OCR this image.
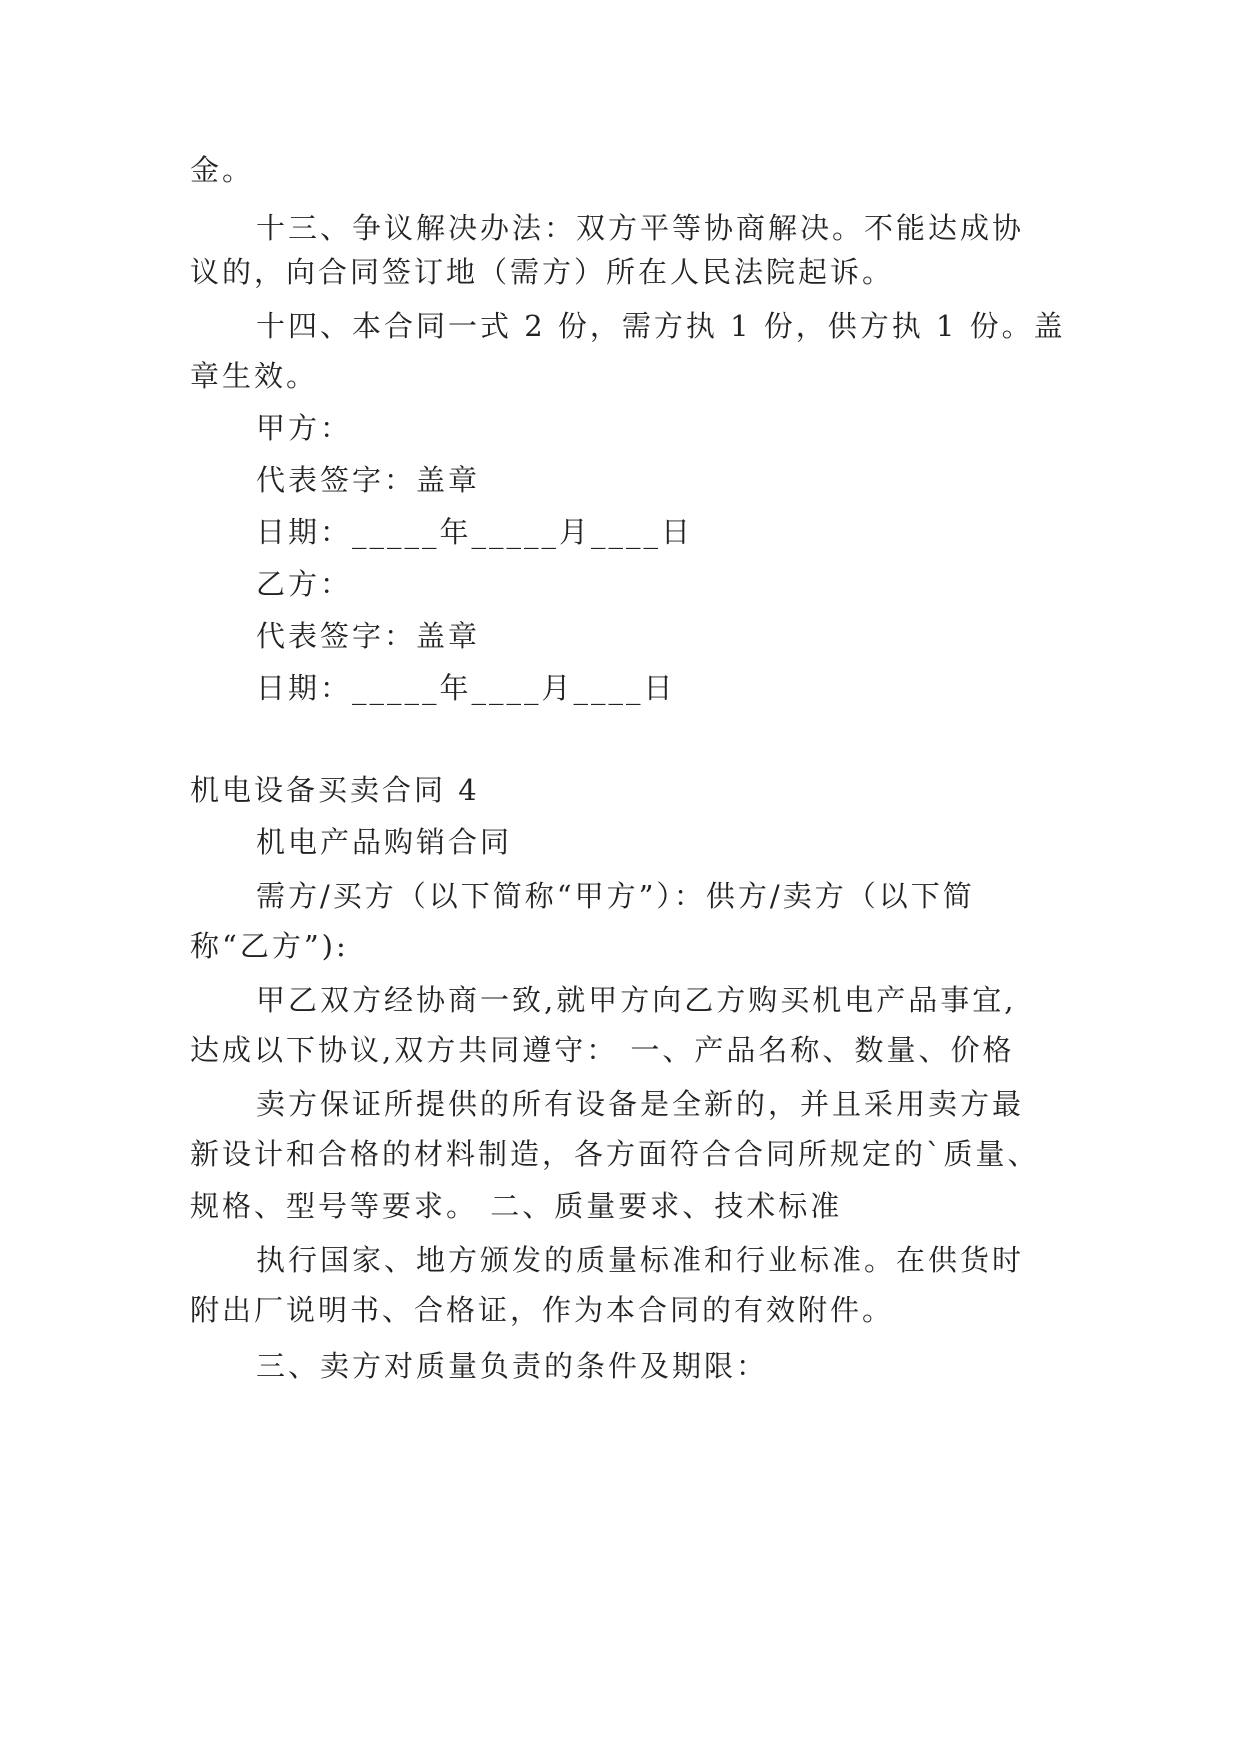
金。
十三、争议解决办法：双方平等协商解决。不能达成协
议的，向合同签订地（需方）所在人民法院起诉。
十四、本合同一式 2 份，需方执 1 份，供方执 1 份。盖
章生效。
甲方：
代表签字：盖章
日期：_____年_____月____日
乙方：
代表签字：盖章
日期：_____年____月____日
机电设备买卖合同 4
机电产品购销合同
需方/买方（以下简称“甲方”）：供方/卖方（以下简
称“乙方”):
甲乙双方经协商一致,就甲方向乙方购买机电产品事宜,
达成以下协议,双方共同遵守： 一、产品名称、数量、价格
卖方保证所提供的所有设备是全新的，并且采用卖方最
新设计和合格的材料制造，各方面符合合同所规定的`质量、
规格、型号等要求。 二、质量要求、技术标准
执行国家、地方颁发的质量标准和行业标准。在供货时
附出厂说明书、合格证，作为本合同的有效附件。
三、卖方对质量负责的条件及期限：
